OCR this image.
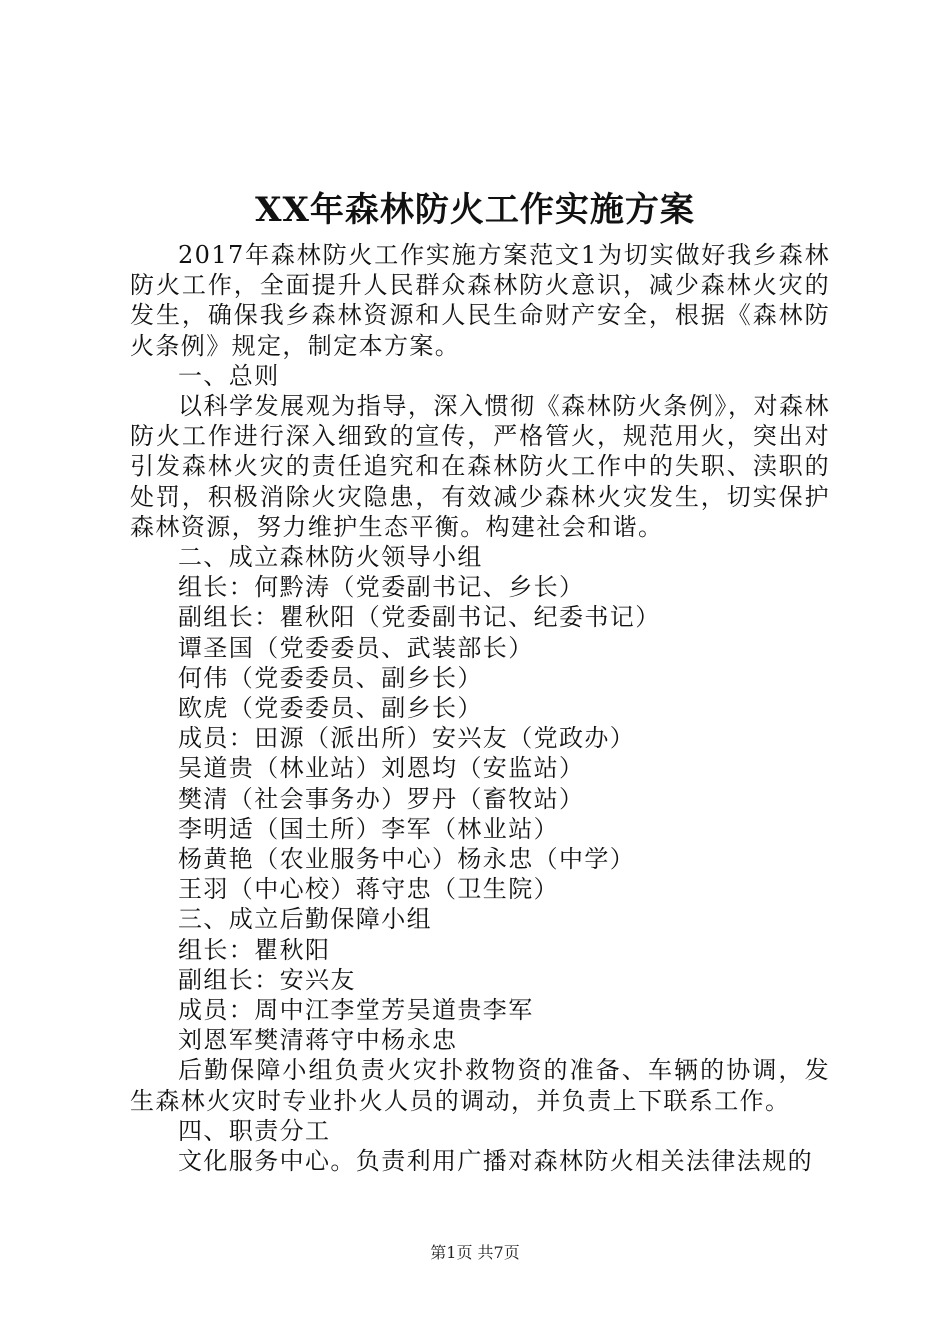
XX年森林防火工作实施方案

2017年森林防火工作实施方案范文1为切实做好我乡森林防火工作，全面提升人民群众森林防火意识，减少森林火灾的发生，确保我乡森林资源和人民生命财产安全，根据《森林防火条例》规定，制定本方案。

一、总则

以科学发展观为指导，深入惯彻《森林防火条例》，对森林防火工作进行深入细致的宣传，严格管火，规范用火，突出对引发森林火灾的责任追究和在森林防火工作中的失职、渎职的处罚，积极消除火灾隐患，有效减少森林火灾发生，切实保护森林资源，努力维护生态平衡。构建社会和谐。

二、成立森林防火领导小组

组长：何黔涛（党委副书记、乡长）

副组长：瞿秋阳（党委副书记、纪委书记）

谭圣国（党委委员、武装部长）

何伟（党委委员、副乡长）

欧虎（党委委员、副乡长）

成员：田源（派出所）安兴友（党政办）

吴道贵（林业站）刘恩均（安监站）

樊清（社会事务办）罗丹（畜牧站）

李明适（国土所）李军（林业站）

杨黄艳（农业服务中心）杨永忠（中学）

王羽（中心校）蒋守忠（卫生院）

三、成立后勤保障小组

组长：瞿秋阳

副组长：安兴友

成员：周中江李堂芳吴道贵李军

刘恩军樊清蒋守中杨永忠

后勤保障小组负责火灾扑救物资的准备、车辆的协调，发生森林火灾时专业扑火人员的调动，并负责上下联系工作。

四、职责分工

文化服务中心。负责利用广播对森林防火相关法律法规的

第1页 共7页
